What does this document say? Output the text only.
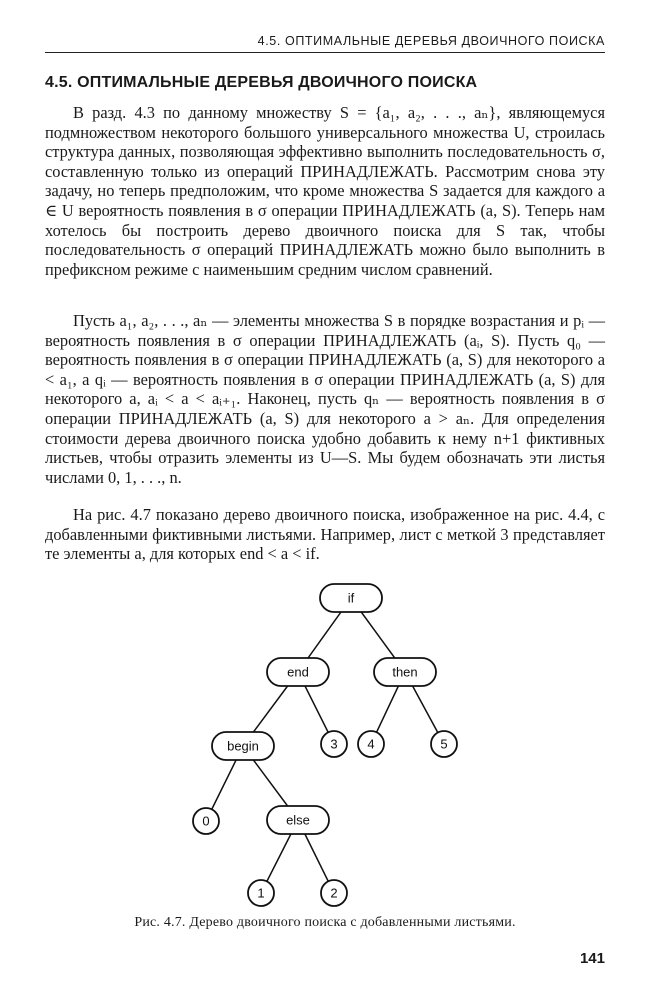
4.5. ОПТИМАЛЬНЫЕ ДЕРЕВЬЯ ДВОИЧНОГО ПОИСКА
4.5. ОПТИМАЛЬНЫЕ ДЕРЕВЬЯ ДВОИЧНОГО ПОИСКА

В разд. 4.3 по данному множеству S = {a₁, a₂, . . ., aₙ}, являющемуся подмножеством некоторого большого универсального множества U, строилась структура данных, позволяющая эффективно выполнить последовательность σ, составленную только из операций ПРИНАДЛЕЖАТЬ. Рассмотрим снова эту задачу, но теперь предположим, что кроме множества S задается для каждого a ∈ U вероятность появления в σ операции ПРИНАДЛЕЖАТЬ (a, S). Теперь нам хотелось бы построить дерево двоичного поиска для S так, чтобы последовательность σ операций ПРИНАДЛЕЖАТЬ можно было выполнить в префиксном режиме с наименьшим средним числом сравнений.

Пусть a₁, a₂, . . ., aₙ — элементы множества S в порядке возрастания и pᵢ — вероятность появления в σ операции ПРИНАДЛЕЖАТЬ (aᵢ, S). Пусть q₀ — вероятность появления в σ операции ПРИНАДЛЕЖАТЬ (a, S) для некоторого a < a₁, а qᵢ — вероятность появления в σ операции ПРИНАДЛЕЖАТЬ (a, S) для некоторого a, aᵢ < a < aᵢ₊₁. Наконец, пусть qₙ — вероятность появления в σ операции ПРИНАДЛЕЖАТЬ (a, S) для некоторого a > aₙ. Для определения стоимости дерева двоичного поиска удобно добавить к нему n+1 фиктивных листьев, чтобы отразить элементы из U—S. Мы будем обозначать эти листья числами 0, 1, . . ., n.

На рис. 4.7 показано дерево двоичного поиска, изображенное на рис. 4.4, с добавленными фиктивными листьями. Например, лист с меткой 3 представляет те элементы a, для которых end < a < if.

if
end	then
begin
else
3 4	5
0
1	2
Рис. 4.7. Дерево двоичного поиска с добавленными листьями.
141
